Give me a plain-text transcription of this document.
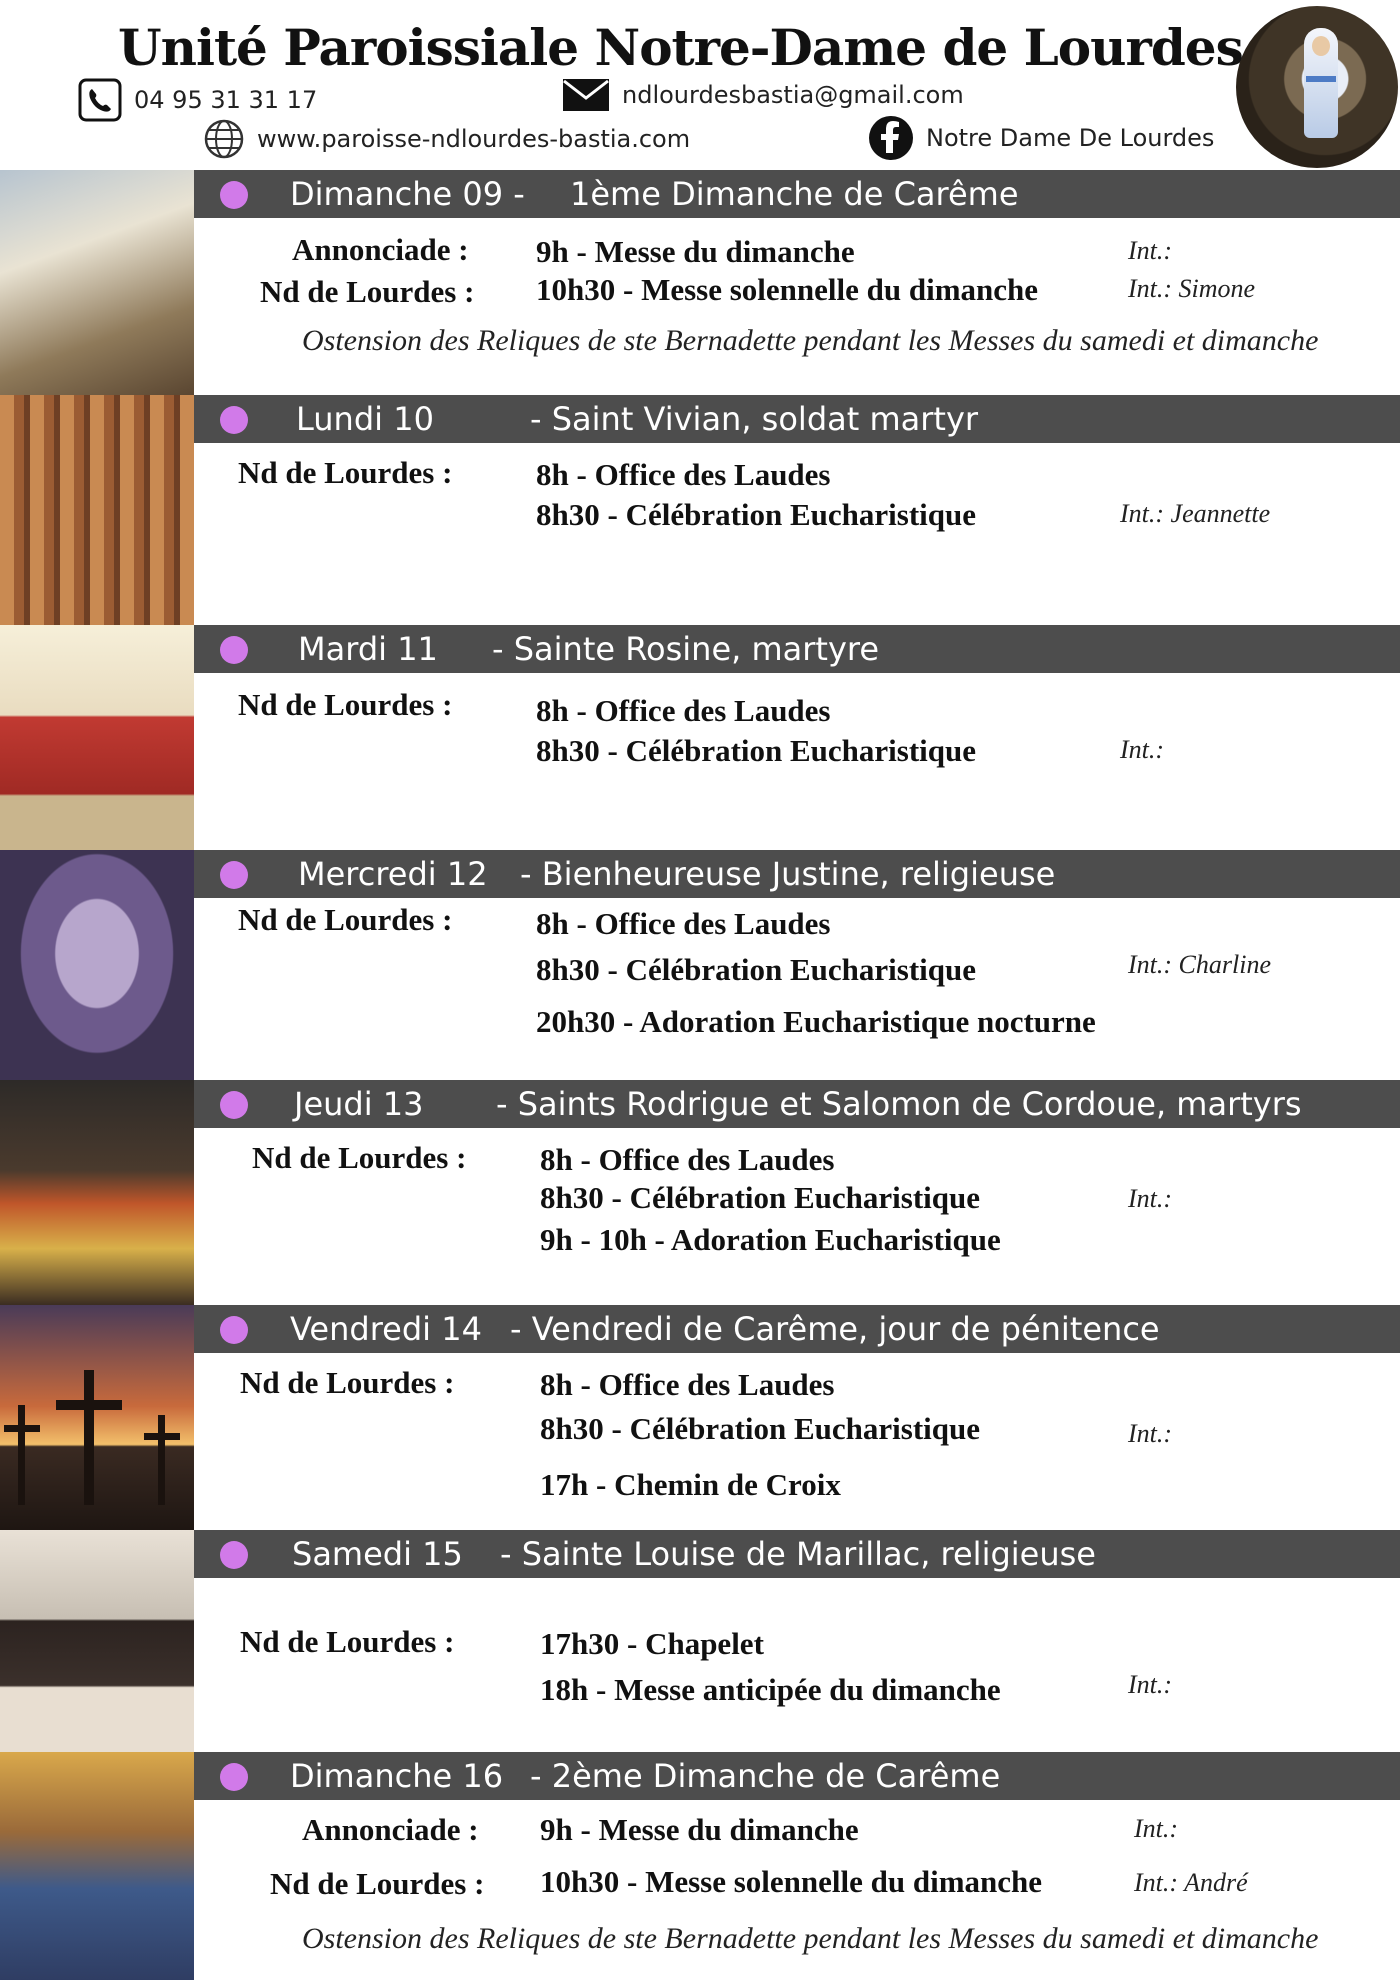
Unité Paroissiale Notre-Dame de Lourdes
04 95 31 31 17	ndlourdesbastia@gmail.com
www.paroisse-ndlourdes-bastia.com	Notre Dame De Lourdes
Dimanche 09 - 1ème Dimanche de Carême
Annonciade : 9h - Messe du dimanche	Int.:
Nd de Lourdes : 10h30 - Messe solennelle du dimanche	Int.: Simone
Ostension des Reliques de ste Bernadette pendant les Messes du samedi et dimanche
Lundi 10	- Saint Vivian, soldat martyr
Nd de Lourdes :	8h - Office des Laudes
8h30 - Célébration Eucharistique	Int.: Jeannette
Mardi 11 - Sainte Rosine, martyre
Nd de Lourdes :	8h - Office des Laudes
8h30 - Célébration Eucharistique	Int.:
Mercredi 12 - Bienheureuse Justine, religieuse
Nd de Lourdes :	8h - Office des Laudes
8h30 - Célébration Eucharistique	Int.: Charline
20h30 - Adoration Eucharistique nocturne
Jeudi 13 - Saints Rodrigue et Salomon de Cordoue, martyrs
Nd de Lourdes : 8h - Office des Laudes
8h30 - Célébration Eucharistique	Int.:
9h - 10h - Adoration Eucharistique
Vendredi 14 - Vendredi de Carême, jour de pénitence
Nd de Lourdes :	8h - Office des Laudes
8h30 - Célébration Eucharistique	Int.:
17h - Chemin de Croix
Samedi 15 - Sainte Louise de Marillac, religieuse
Nd de Lourdes :	17h30 - Chapelet
18h - Messe anticipée du dimanche	Int.:
Dimanche 16 - 2ème Dimanche de Carême
Annonciade : 9h - Messe du dimanche	Int.:
Nd de Lourdes : 10h30 - Messe solennelle du dimanche	Int.: André
Ostension des Reliques de ste Bernadette pendant les Messes du samedi et dimanche
